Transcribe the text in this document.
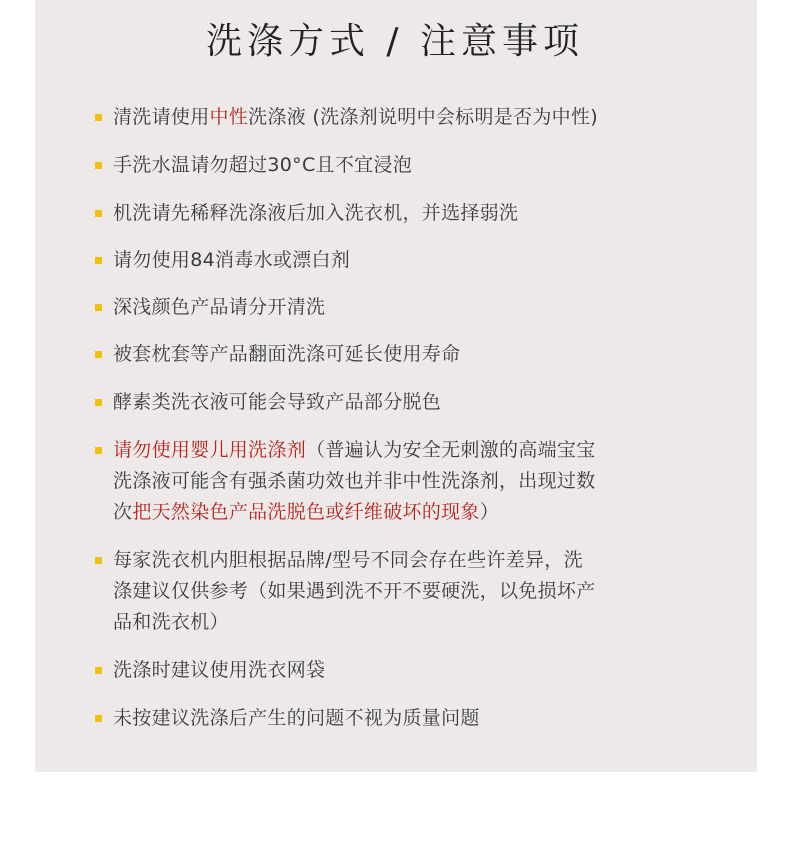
洗涤方式 / 注意事项
清洗请使用中性洗涤液 (洗涤剂说明中会标明是否为中性)
手洗水温请勿超过30°C且不宜浸泡
机洗请先稀释洗涤液后加入洗衣机，并选择弱洗
请勿使用84消毒水或漂白剂
深浅颜色产品请分开清洗
被套枕套等产品翻面洗涤可延长使用寿命
酵素类洗衣液可能会导致产品部分脱色
请勿使用婴儿用洗涤剂（普遍认为安全无刺激的高端宝宝
洗涤液可能含有强杀菌功效也并非中性洗涤剂，出现过数
次把天然染色产品洗脱色或纤维破坏的现象）
每家洗衣机内胆根据品牌/型号不同会存在些许差异，洗
涤建议仅供参考（如果遇到洗不开不要硬洗，以免损坏产
品和洗衣机）
洗涤时建议使用洗衣网袋
未按建议洗涤后产生的问题不视为质量问题
